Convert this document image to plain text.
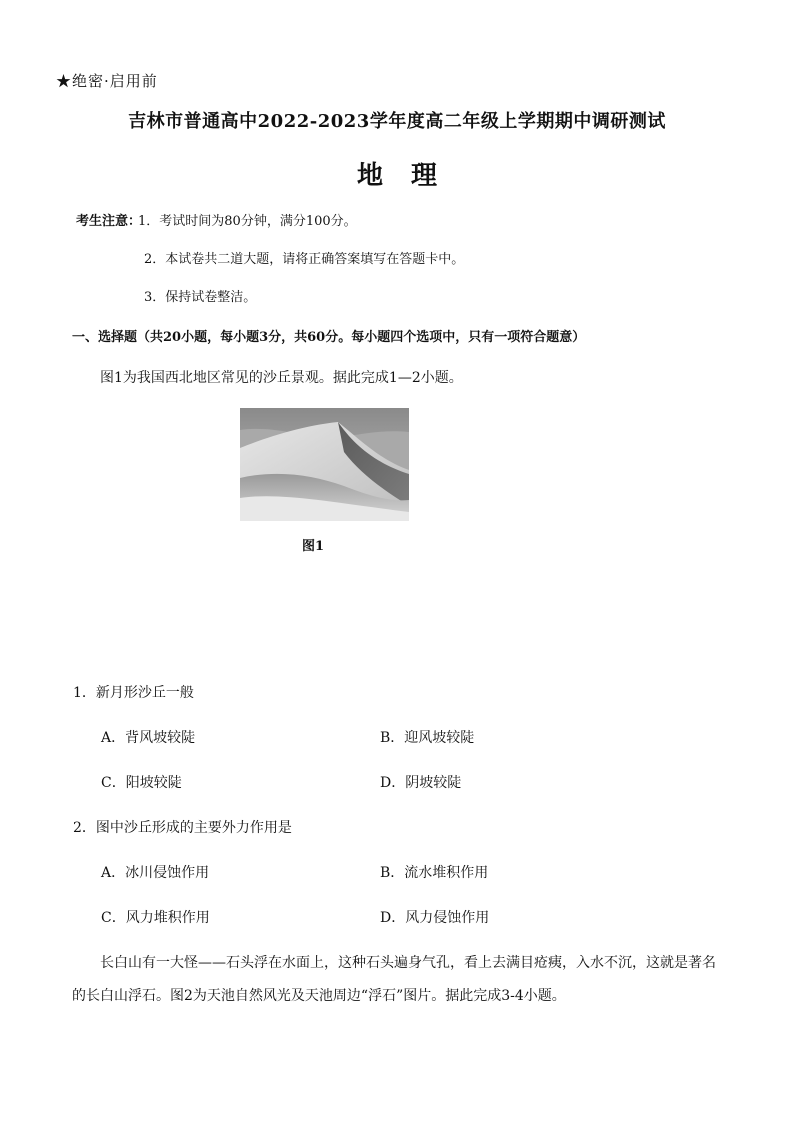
★绝密·启用前
吉林市普通高中2022-2023学年度高二年级上学期期中调研测试
地理
考生注意：
1．考试时间为80分钟，满分100分。
2．本试卷共二道大题，请将正确答案填写在答题卡中。
3．保持试卷整洁。
一、选择题（共20小题，每小题3分，共60分。每小题四个选项中，只有一项符合题意）
图1为我国西北地区常见的沙丘景观。据此完成1—2小题。
图1
1．新月形沙丘一般
A．背风坡较陡	B．迎风坡较陡
C．阳坡较陡	D．阴坡较陡
2．图中沙丘形成的主要外力作用是
A．冰川侵蚀作用	B．流水堆积作用
C．风力堆积作用	D．风力侵蚀作用
长白山有一大怪——石头浮在水面上，这种石头遍身气孔，看上去满目疮痍，入水不沉，这就是著名
的长白山浮石。图2为天池自然风光及天池周边“浮石”图片。据此完成3-4小题。
